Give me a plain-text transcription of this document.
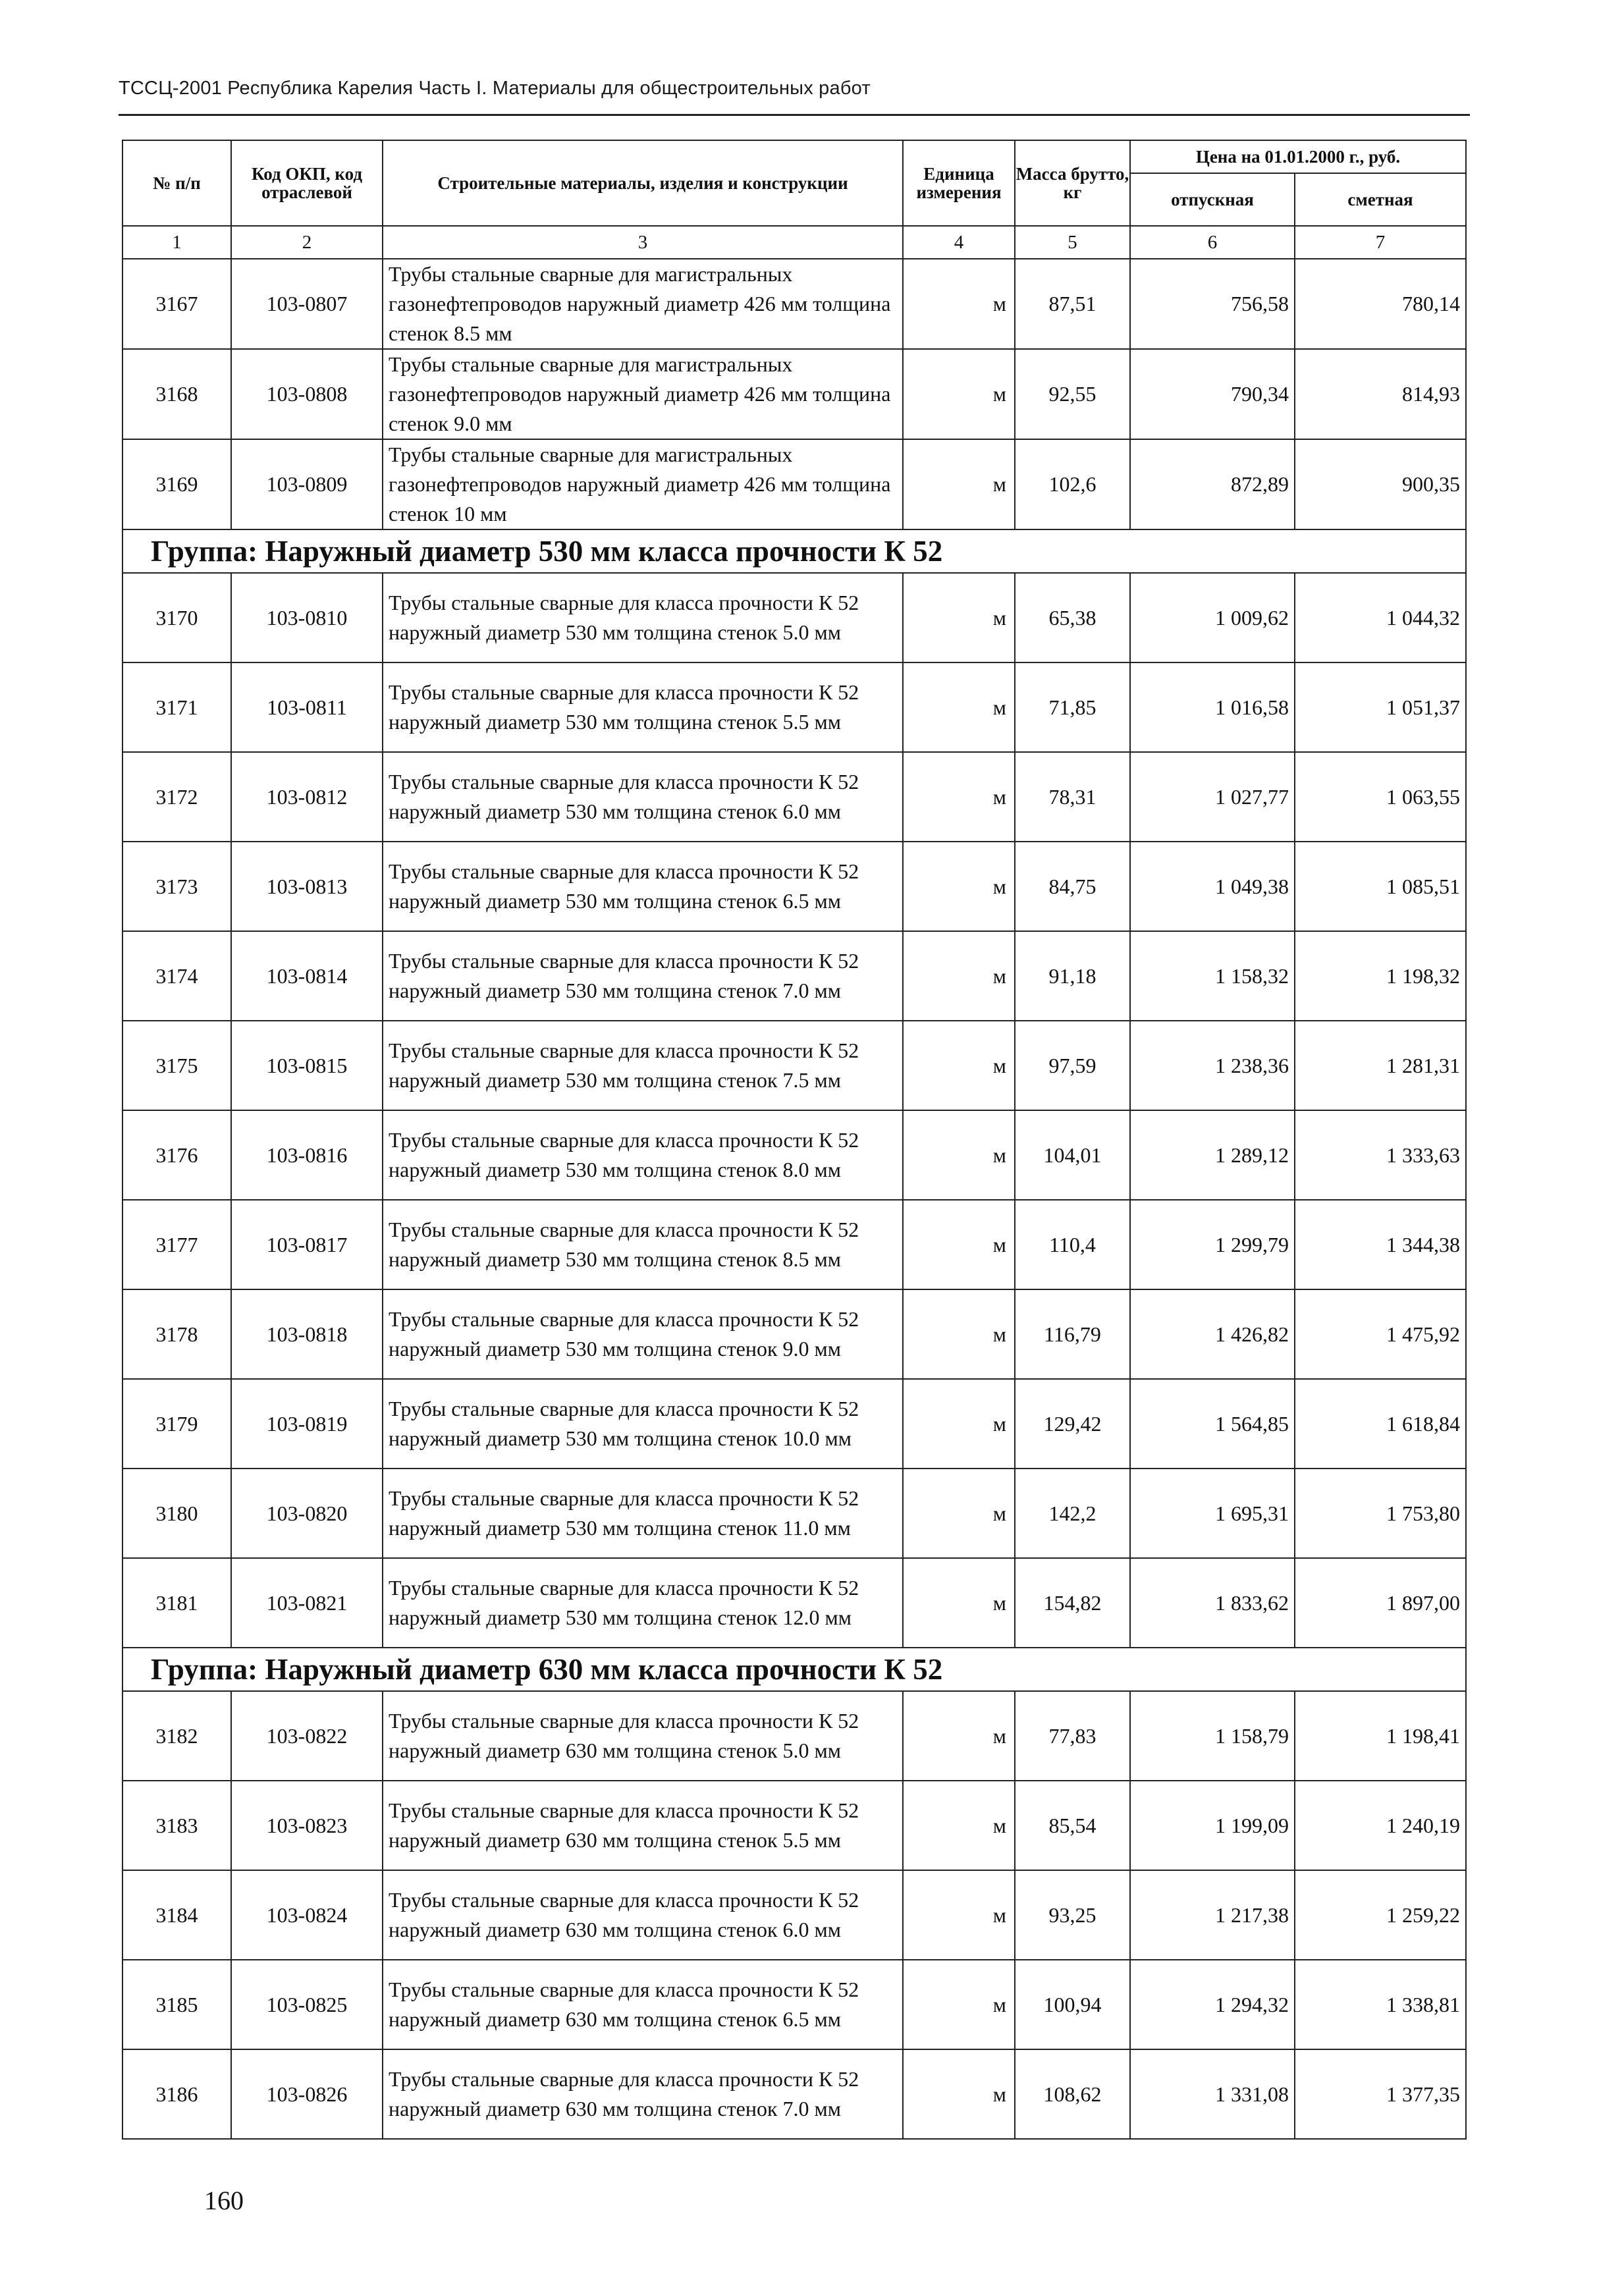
ТССЦ-2001 Республика Карелия Часть I. Материалы для общестроительных работ
№ п/п	Код ОКП, код отраслевой	Строительные материалы, изделия и конструкции	Единица измерения	Масса брутто, кг	Цена на 01.01.2000 г., руб.	
					отпускная	сметная
1	2	3	4	5	6	7
3167	103-0807	Трубы стальные сварные для магистральных газонефтепроводов наружный диаметр 426 мм толщина стенок 8.5 мм	м	87,51	756,58	780,14
3168	103-0808	Трубы стальные сварные для магистральных газонефтепроводов наружный диаметр 426 мм толщина стенок 9.0 мм	м	92,55	790,34	814,93
3169	103-0809	Трубы стальные сварные для магистральных газонефтепроводов наружный диаметр 426 мм толщина стенок 10 мм	м	102,6	872,89	900,35
Группа: Наружный диаметр 530 мм класса прочности К 52						
3170	103-0810	Трубы стальные сварные для класса прочности К 52 наружный диаметр 530 мм толщина стенок 5.0 мм	м	65,38	1 009,62	1 044,32
3171	103-0811	Трубы стальные сварные для класса прочности К 52 наружный диаметр 530 мм толщина стенок 5.5 мм	м	71,85	1 016,58	1 051,37
3172	103-0812	Трубы стальные сварные для класса прочности К 52 наружный диаметр 530 мм толщина стенок 6.0 мм	м	78,31	1 027,77	1 063,55
3173	103-0813	Трубы стальные сварные для класса прочности К 52 наружный диаметр 530 мм толщина стенок 6.5 мм	м	84,75	1 049,38	1 085,51
3174	103-0814	Трубы стальные сварные для класса прочности К 52 наружный диаметр 530 мм толщина стенок 7.0 мм	м	91,18	1 158,32	1 198,32
3175	103-0815	Трубы стальные сварные для класса прочности К 52 наружный диаметр 530 мм толщина стенок 7.5 мм	м	97,59	1 238,36	1 281,31
3176	103-0816	Трубы стальные сварные для класса прочности К 52 наружный диаметр 530 мм толщина стенок 8.0 мм	м	104,01	1 289,12	1 333,63
3177	103-0817	Трубы стальные сварные для класса прочности К 52 наружный диаметр 530 мм толщина стенок 8.5 мм	м	110,4	1 299,79	1 344,38
3178	103-0818	Трубы стальные сварные для класса прочности К 52 наружный диаметр 530 мм толщина стенок 9.0 мм	м	116,79	1 426,82	1 475,92
3179	103-0819	Трубы стальные сварные для класса прочности К 52 наружный диаметр 530 мм толщина стенок 10.0 мм	м	129,42	1 564,85	1 618,84
3180	103-0820	Трубы стальные сварные для класса прочности К 52 наружный диаметр 530 мм толщина стенок 11.0 мм	м	142,2	1 695,31	1 753,80
3181	103-0821	Трубы стальные сварные для класса прочности К 52 наружный диаметр 530 мм толщина стенок 12.0 мм	м	154,82	1 833,62	1 897,00
Группа: Наружный диаметр 630 мм класса прочности К 52						
3182	103-0822	Трубы стальные сварные для класса прочности К 52 наружный диаметр 630 мм толщина стенок 5.0 мм	м	77,83	1 158,79	1 198,41
3183	103-0823	Трубы стальные сварные для класса прочности К 52 наружный диаметр 630 мм толщина стенок 5.5 мм	м	85,54	1 199,09	1 240,19
3184	103-0824	Трубы стальные сварные для класса прочности К 52 наружный диаметр 630 мм толщина стенок 6.0 мм	м	93,25	1 217,38	1 259,22
3185	103-0825	Трубы стальные сварные для класса прочности К 52 наружный диаметр 630 мм толщина стенок 6.5 мм	м	100,94	1 294,32	1 338,81
3186	103-0826	Трубы стальные сварные для класса прочности К 52 наружный диаметр 630 мм толщина стенок 7.0 мм	м	108,62	1 331,08	1 377,35
160
